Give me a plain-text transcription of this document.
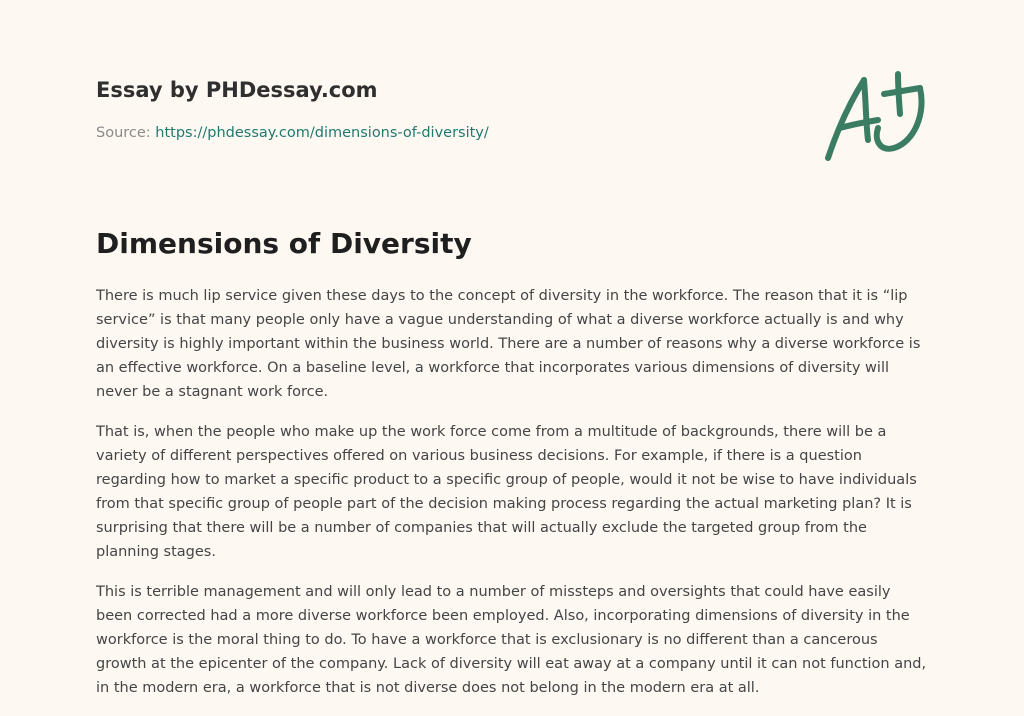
Essay by PHDessay.com
Source: https://phdessay.com/dimensions-of-diversity/
Dimensions of Diversity

There is much lip service given these days to the concept of diversity in the workforce. The reason that it is “lip service” is that many people only have a vague understanding of what a diverse workforce actually is and why diversity is highly important within the business world. There are a number of reasons why a diverse workforce is an effective workforce. On a baseline level, a workforce that incorporates various dimensions of diversity will never be a stagnant work force.

That is, when the people who make up the work force come from a multitude of backgrounds, there will be a variety of different perspectives offered on various business decisions. For example, if there is a question regarding how to market a specific product to a specific group of people, would it not be wise to have individuals from that specific group of people part of the decision making process regarding the actual marketing plan? It is surprising that there will be a number of companies that will actually exclude the targeted group from the planning stages.

This is terrible management and will only lead to a number of missteps and oversights that could have easily been corrected had a more diverse workforce been employed. Also, incorporating dimensions of diversity in the workforce is the moral thing to do. To have a workforce that is exclusionary is no different than a cancerous growth at the epicenter of the company. Lack of diversity will eat away at a company until it can not function and, in the modern era, a workforce that is not diverse does not belong in the modern era at all.
